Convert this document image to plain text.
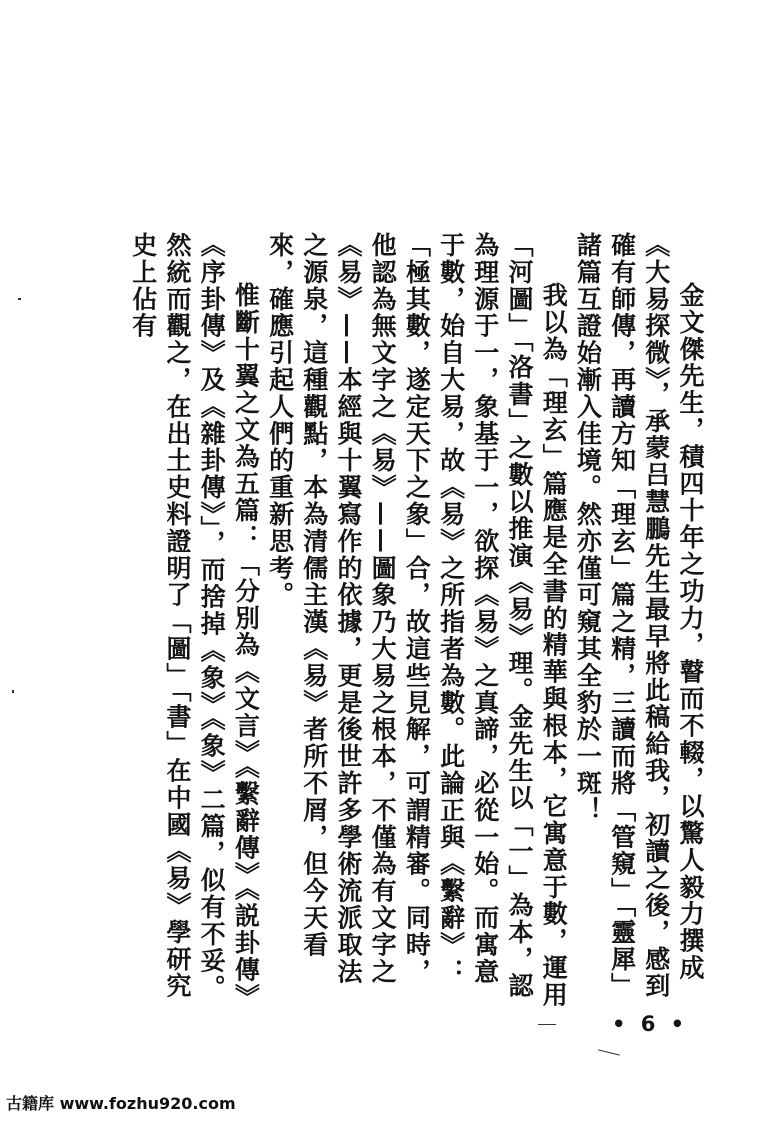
金文傑先生，積四十年之功力，瞽而不輟，以驚人毅力撰成《大易探微》，承蒙吕慧鵬先生最早將此稿給我，初讀之後，感到確有師傳，再讀方知「理玄」篇之精，三讀而將「管窺」「靈犀」諸篇互證始漸入佳境。然亦僅可窺其全豹於一斑！

我以為「理玄」篇應是全書的精華與根本，它寓意于數，運用「河圖」「洛書」之數以推演《易》理。金先生以「一」為本，認為理源于一，象基于一，欲探《易》之真諦，必從一始。而寓意于數，始自大易，故《易》之所指者為數。此論正與《繫辭》：「極其數，遂定天下之象」合，故這些見解，可謂精審。同時，他認為無文字之《易》——圖象乃大易之根本，不僅為有文字之《易》——本經與十翼寫作的依據，更是後世許多學術流派取法之源泉，這種觀點，本為清儒主漢《易》者所不屑，但今天看來，確應引起人們的重新思考。

惟斷十翼之文為五篇：「分別為《文言》《繫辭傳》《説卦傳》《序卦傳》及《雜卦傳》」，而捨掉《象》《象》二篇，似有不妥。

然統而觀之，在出土史料證明了「圖」「書」在中國《易》學研究史上佔有

• 6 •
古籍库 www.fozhu920.com
